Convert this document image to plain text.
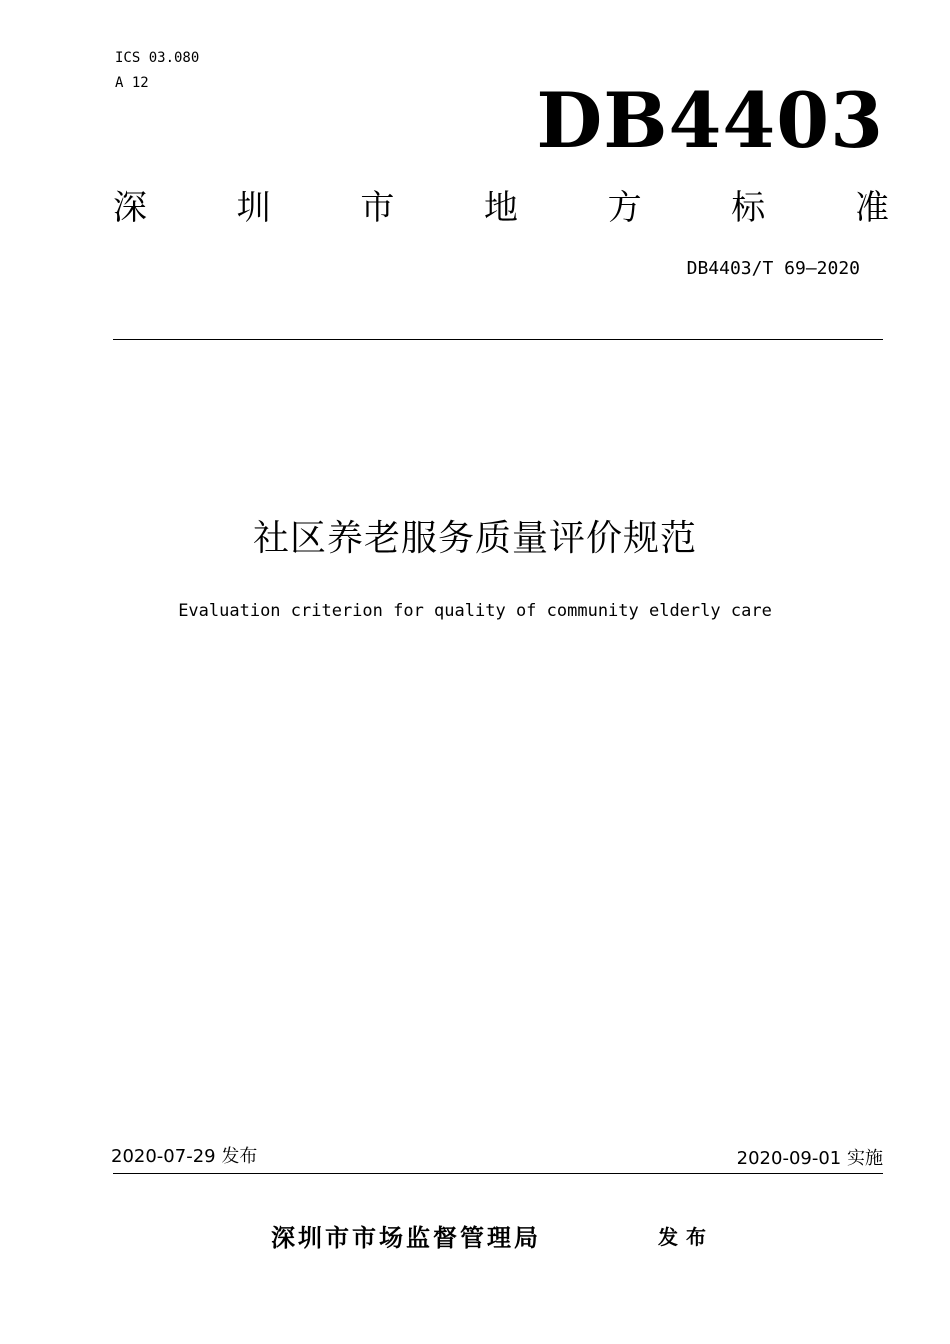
ICS 03.080
A 12	DB4403
深	圳	市	地	方	标	准
DB4403/T 69—2020
社区养老服务质量评价规范
Evaluation criterion for quality of community elderly care
2020-07-29 发布	2020-09-01 实施
深圳市市场监督管理局	发布
